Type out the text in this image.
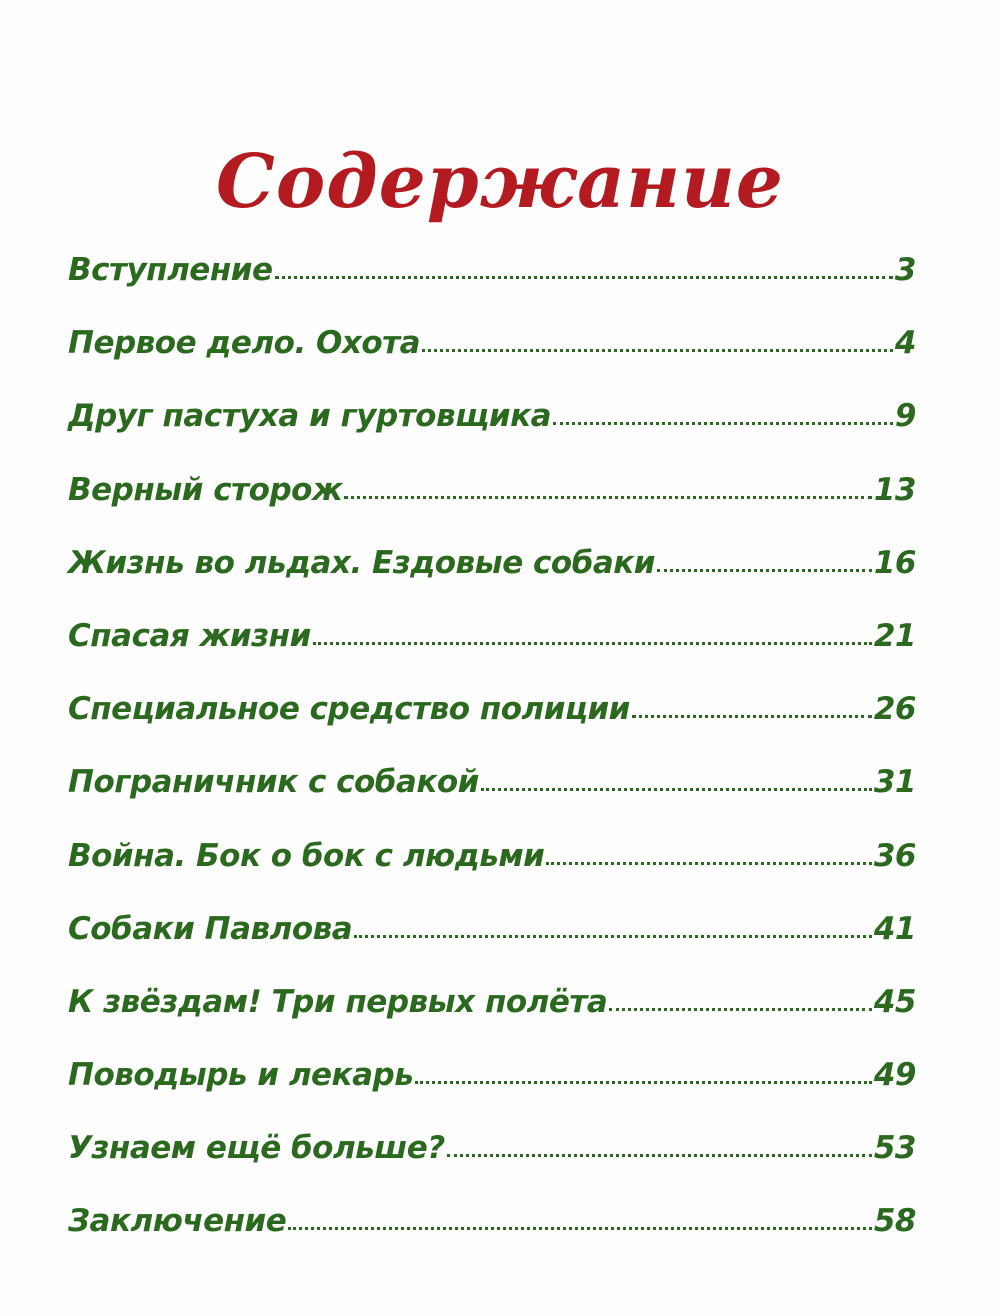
Содержание
Вступление	3
Первое дело. Охота	4
Друг пастуха и гуртовщика	9
Верный сторож	13
Жизнь во льдах. Ездовые собаки	16
Спасая жизни	21
Специальное средство полиции	26
Пограничник с собакой	31
Война. Бок о бок с людьми	36
Собаки Павлова	41
К звёздам! Три первых полёта	45
Поводырь и лекарь	49
Узнаем ещё больше?	53
Заключение	58
